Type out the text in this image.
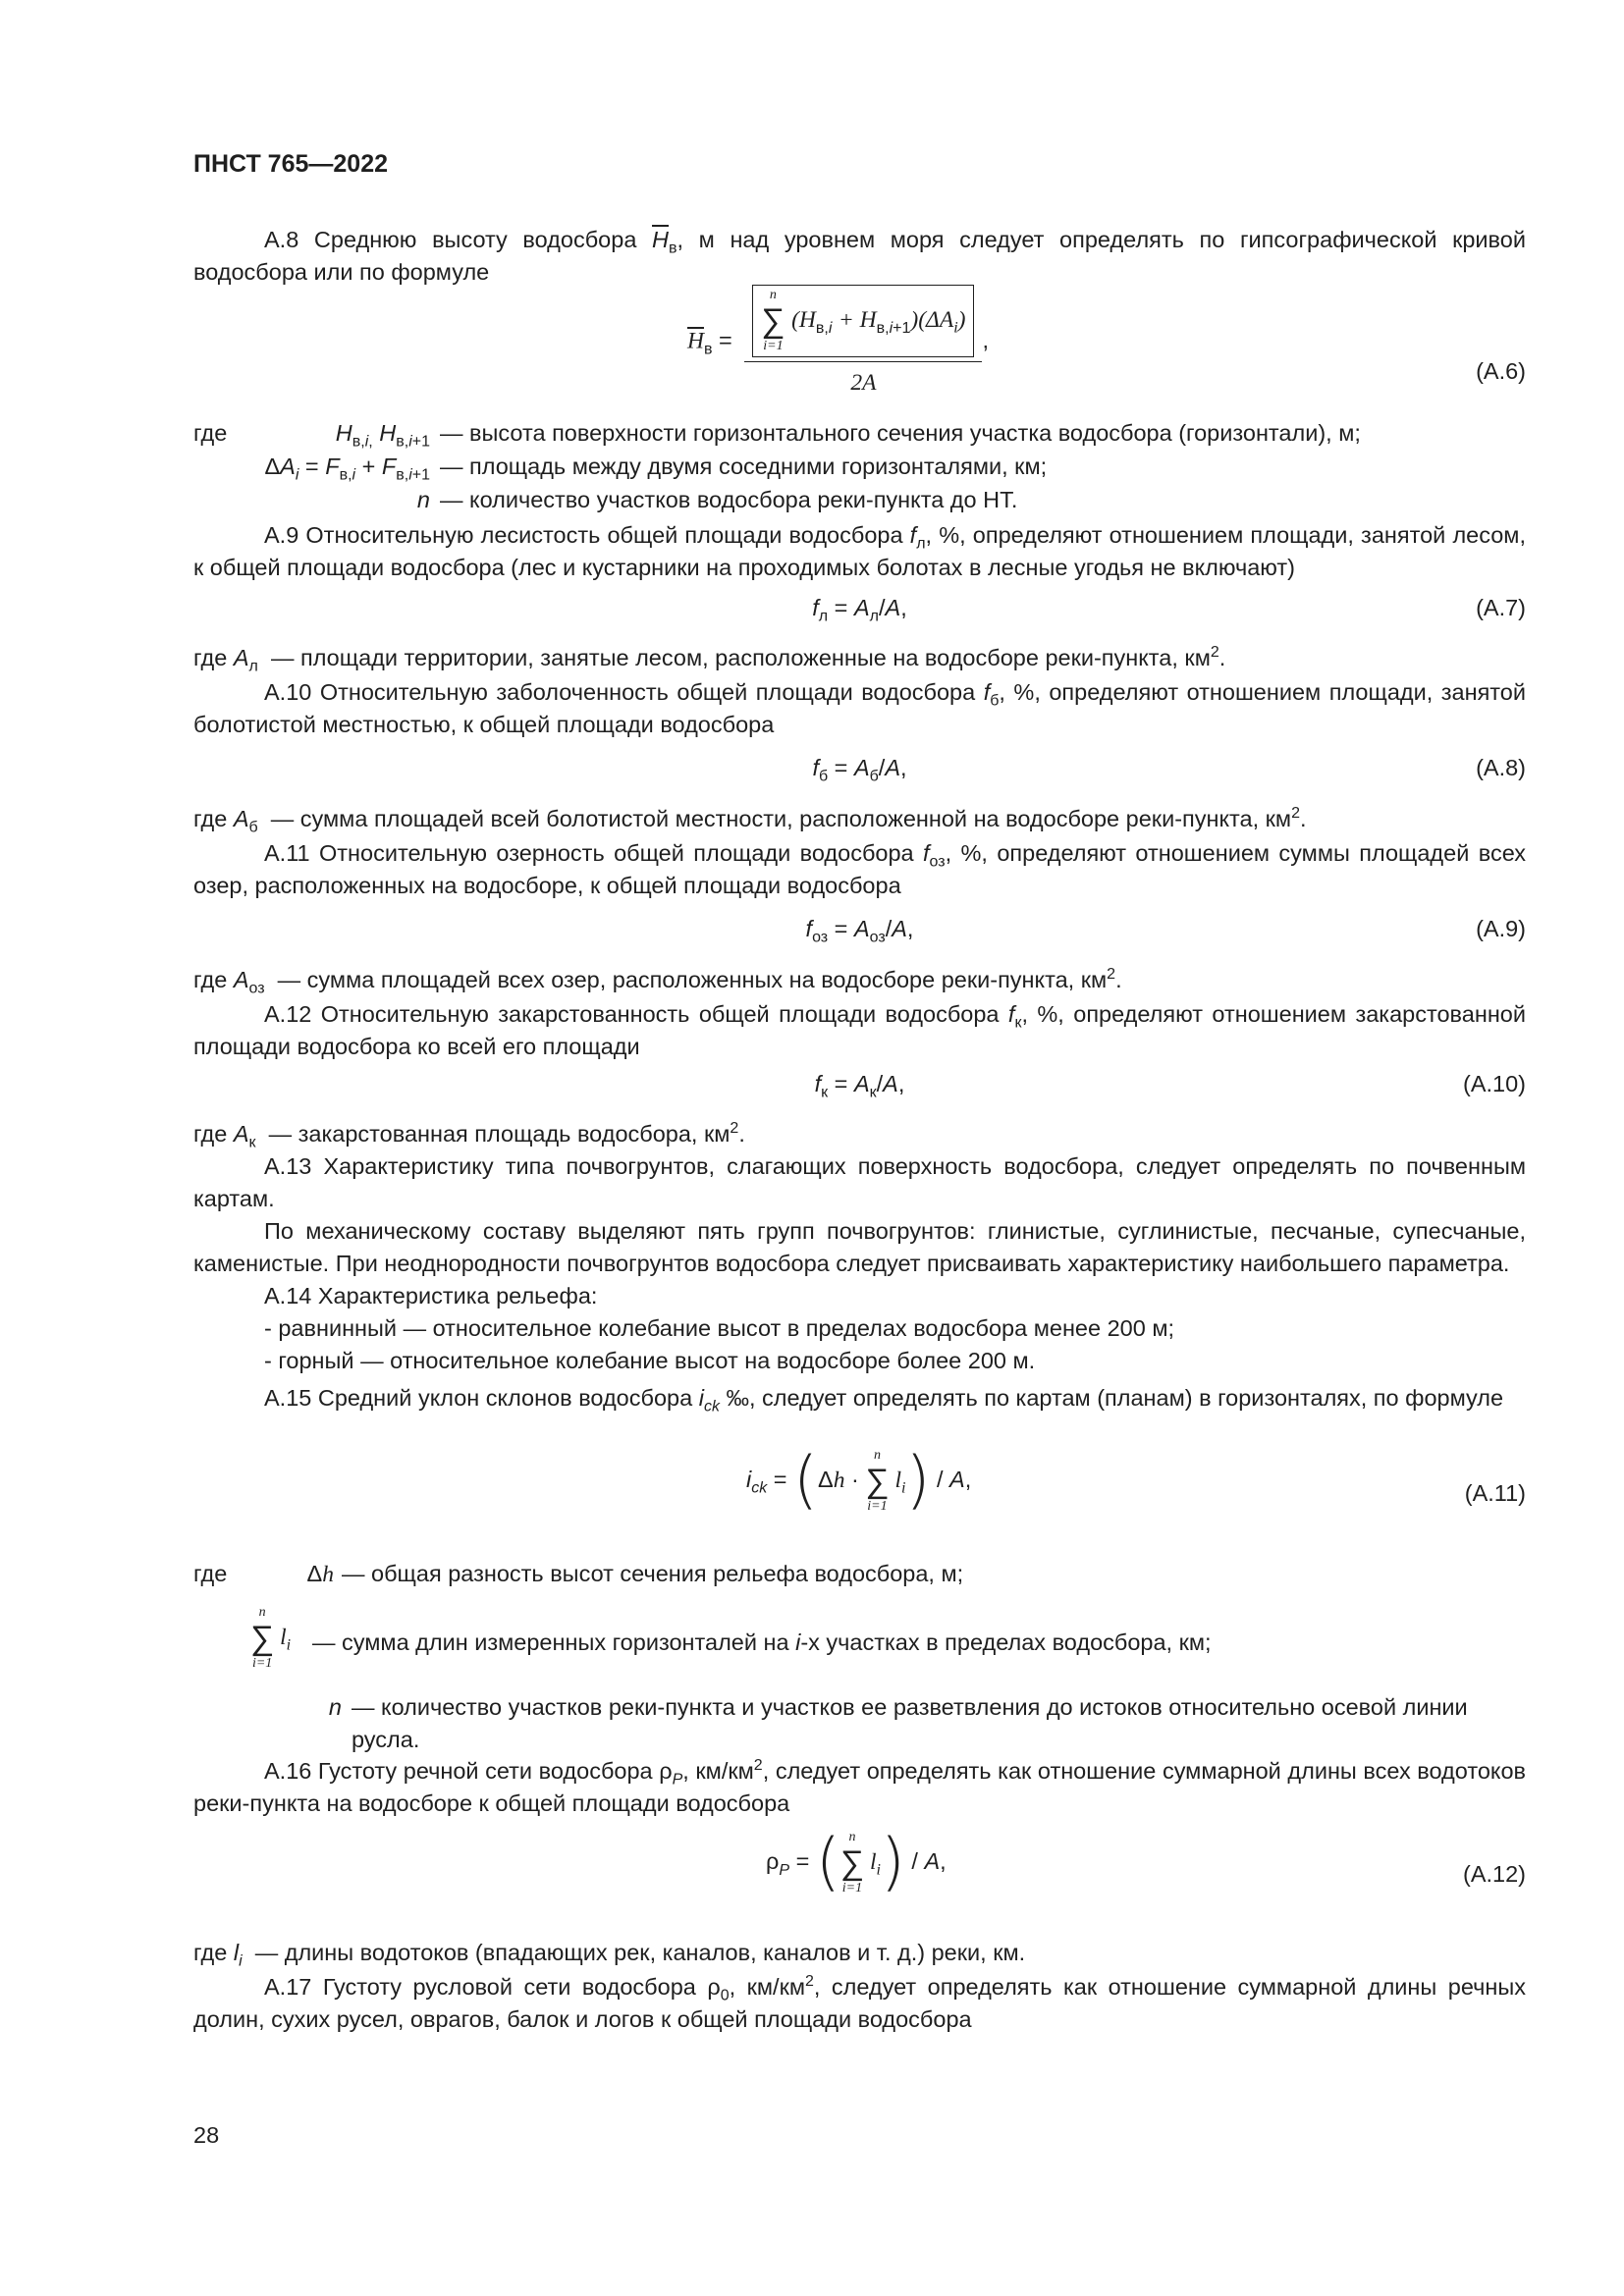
ПНСТ 765—2022

А.8 Среднюю высоту водосбора $\overline{H}_в$, м над уровнем моря следует определять по гипсографической кривой водосбора или по формуле

$\overline{H}_в = n$
∑
i=1
$(H_{в,i} + H_{в,i+1})(\Delta A_i)$
2A ,
(А.6)
где	$H_{в,i,}$ $H_{в,i+1}$ — высота поверхности горизонтального сечения участка водосбора (горизонтали), м;
$\Delta A_i = F_{в,i} + F_{в,i+1}$ — площадь между двумя соседними горизонталями, км;
n — количество участков водосбора реки-пункта до НТ.

А.9 Относительную лесистость общей площади водосбора $f_л$, %, определяют отношением площади, занятой лесом, к общей площади водосбора (лес и кустарники на проходимых болотах в лесные угодья не включают)

$f_л = A_л/A$,	(А.7)
где $A_л$ — площади территории, занятые лесом, расположенные на водосборе реки-пункта, $км^2$.

А.10 Относительную заболоченность общей площади водосбора $f_б$, %, определяют отношением площади, занятой болотистой местностью, к общей площади водосбора

$f_б = A_б/A$,	(А.8)
где $A_б$ — сумма площадей всей болотистой местности, расположенной на водосборе реки-пункта, $км^2$.

А.11 Относительную озерность общей площади водосбора $f_{оз}$, %, определяют отношением суммы площадей всех озер, расположенных на водосборе, к общей площади водосбора

$f_{оз} = A_{оз}/A$,	(А.9)
где $A_{оз}$ — сумма площадей всех озер, расположенных на водосборе реки-пункта, $км^2$.

А.12 Относительную закарстованность общей площади водосбора $f_к$, %, определяют отношением закарстованной площади водосбора ко всей его площади

$f_к = A_к/A$,	(А.10)
где $A_к$ — закарстованная площадь водосбора, $км^2$.

А.13 Характеристику типа почвогрунтов, слагающих поверхность водосбора, следует определять по почвенным картам.

По механическому составу выделяют пять групп почвогрунтов: глинистые, суглинистые, песчаные, супесчаные, каменистые. При неоднородности почвогрунтов водосбора следует присваивать характеристику наибольшего параметра.

А.14 Характеристика рельефа:

- равнинный — относительное колебание высот в пределах водосбора менее 200 м;

- горный — относительное колебание высот на водосборе более 200 м.

А.15 Средний уклон склонов водосбора $i_{ck}$ ‰, следует определять по картам (планам) в горизонталях, по формуле

$i_{ck} = (\Delta h$ ·
n
∑
i=1
$l_i$) / A,
(А.11)
где	Δh — общая разность высот сечения рельефа водосбора, м;
n
∑
i=1
$l_i$ — сумма длин измеренных горизонталей на i-х участках в пределах водосбора, км;
n — количество участков реки-пункта и участков ее разветвления до истоков относительно осевой линии русла.

А.16 Густоту речной сети водосбора $\rho_P$, $км/км^2$, следует определять как отношение суммарной длины всех водотоков реки-пункта на водосборе к общей площади водосбора

$\rho_P$ = ( n
∑
i=1
$l_i$) / A,	(А.12)
где $l_i$ — длины водотоков (впадающих рек, каналов, каналов и т. д.) реки, км.

А.17 Густоту русловой сети водосбора $\rho_0$, $км/км^2$, следует определять как отношение суммарной длины речных долин, сухих русел, оврагов, балок и логов к общей площади водосбора

28
